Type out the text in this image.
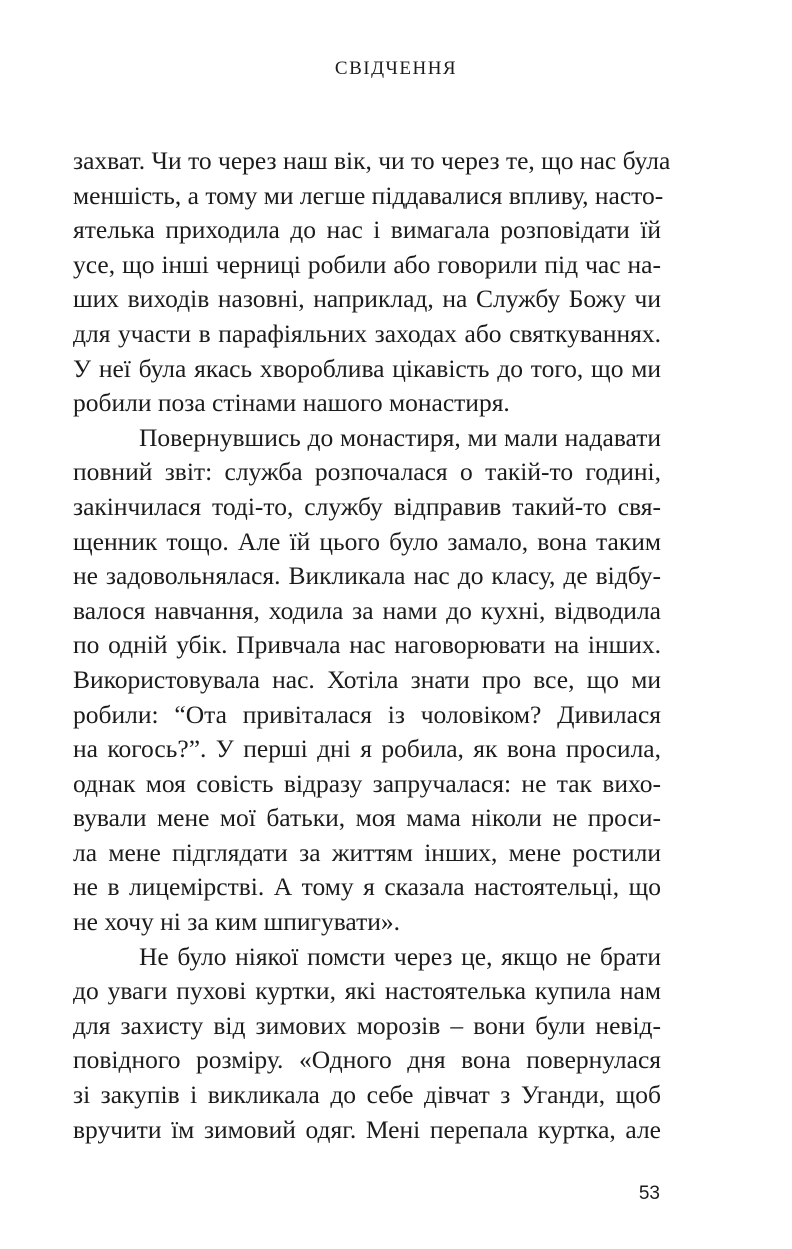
СВІДЧЕННЯ
захват. Чи то через наш вік, чи то через те, що нас була
меншість, а тому ми легше піддавалися впливу, насто-
ятелька приходила до нас і вимагала розповідати їй
усе, що інші черниці робили або говорили під час на-
ших виходів назовні, наприклад, на Службу Божу чи
для участи в парафіяльних заходах або святкуваннях.
У неї була якась хвороблива цікавість до того, що ми
робили поза стінами нашого монастиря.
Повернувшись до монастиря, ми мали надавати
повний звіт: служба розпочалася о такій-то годині,
закінчилася тоді-то, службу відправив такий-то свя-
щенник тощо. Але їй цього було замало, вона таким
не задовольнялася. Викликала нас до класу, де відбу-
валося навчання, ходила за нами до кухні, відводила
по одній убік. Привчала нас наговорювати на інших.
Використовувала нас. Хотіла знати про все, що ми
робили: “Ота привіталася із чоловіком? Дивилася
на когось?”. У перші дні я робила, як вона просила,
однак моя совість відразу запручалася: не так вихо-
вували мене мої батьки, моя мама ніколи не проси-
ла мене підглядати за життям інших, мене ростили
не в лицемірстві. А тому я сказала настоятельці, що
не хочу ні за ким шпигувати».
Не було ніякої помсти через це, якщо не брати
до уваги пухові куртки, які настоятелька купила нам
для захисту від зимових морозів – вони були невід-
повідного розміру. «Одного дня вона повернулася
зі закупів і викликала до себе дівчат з Уганди, щоб
вручити їм зимовий одяг. Мені перепала куртка, але
53
